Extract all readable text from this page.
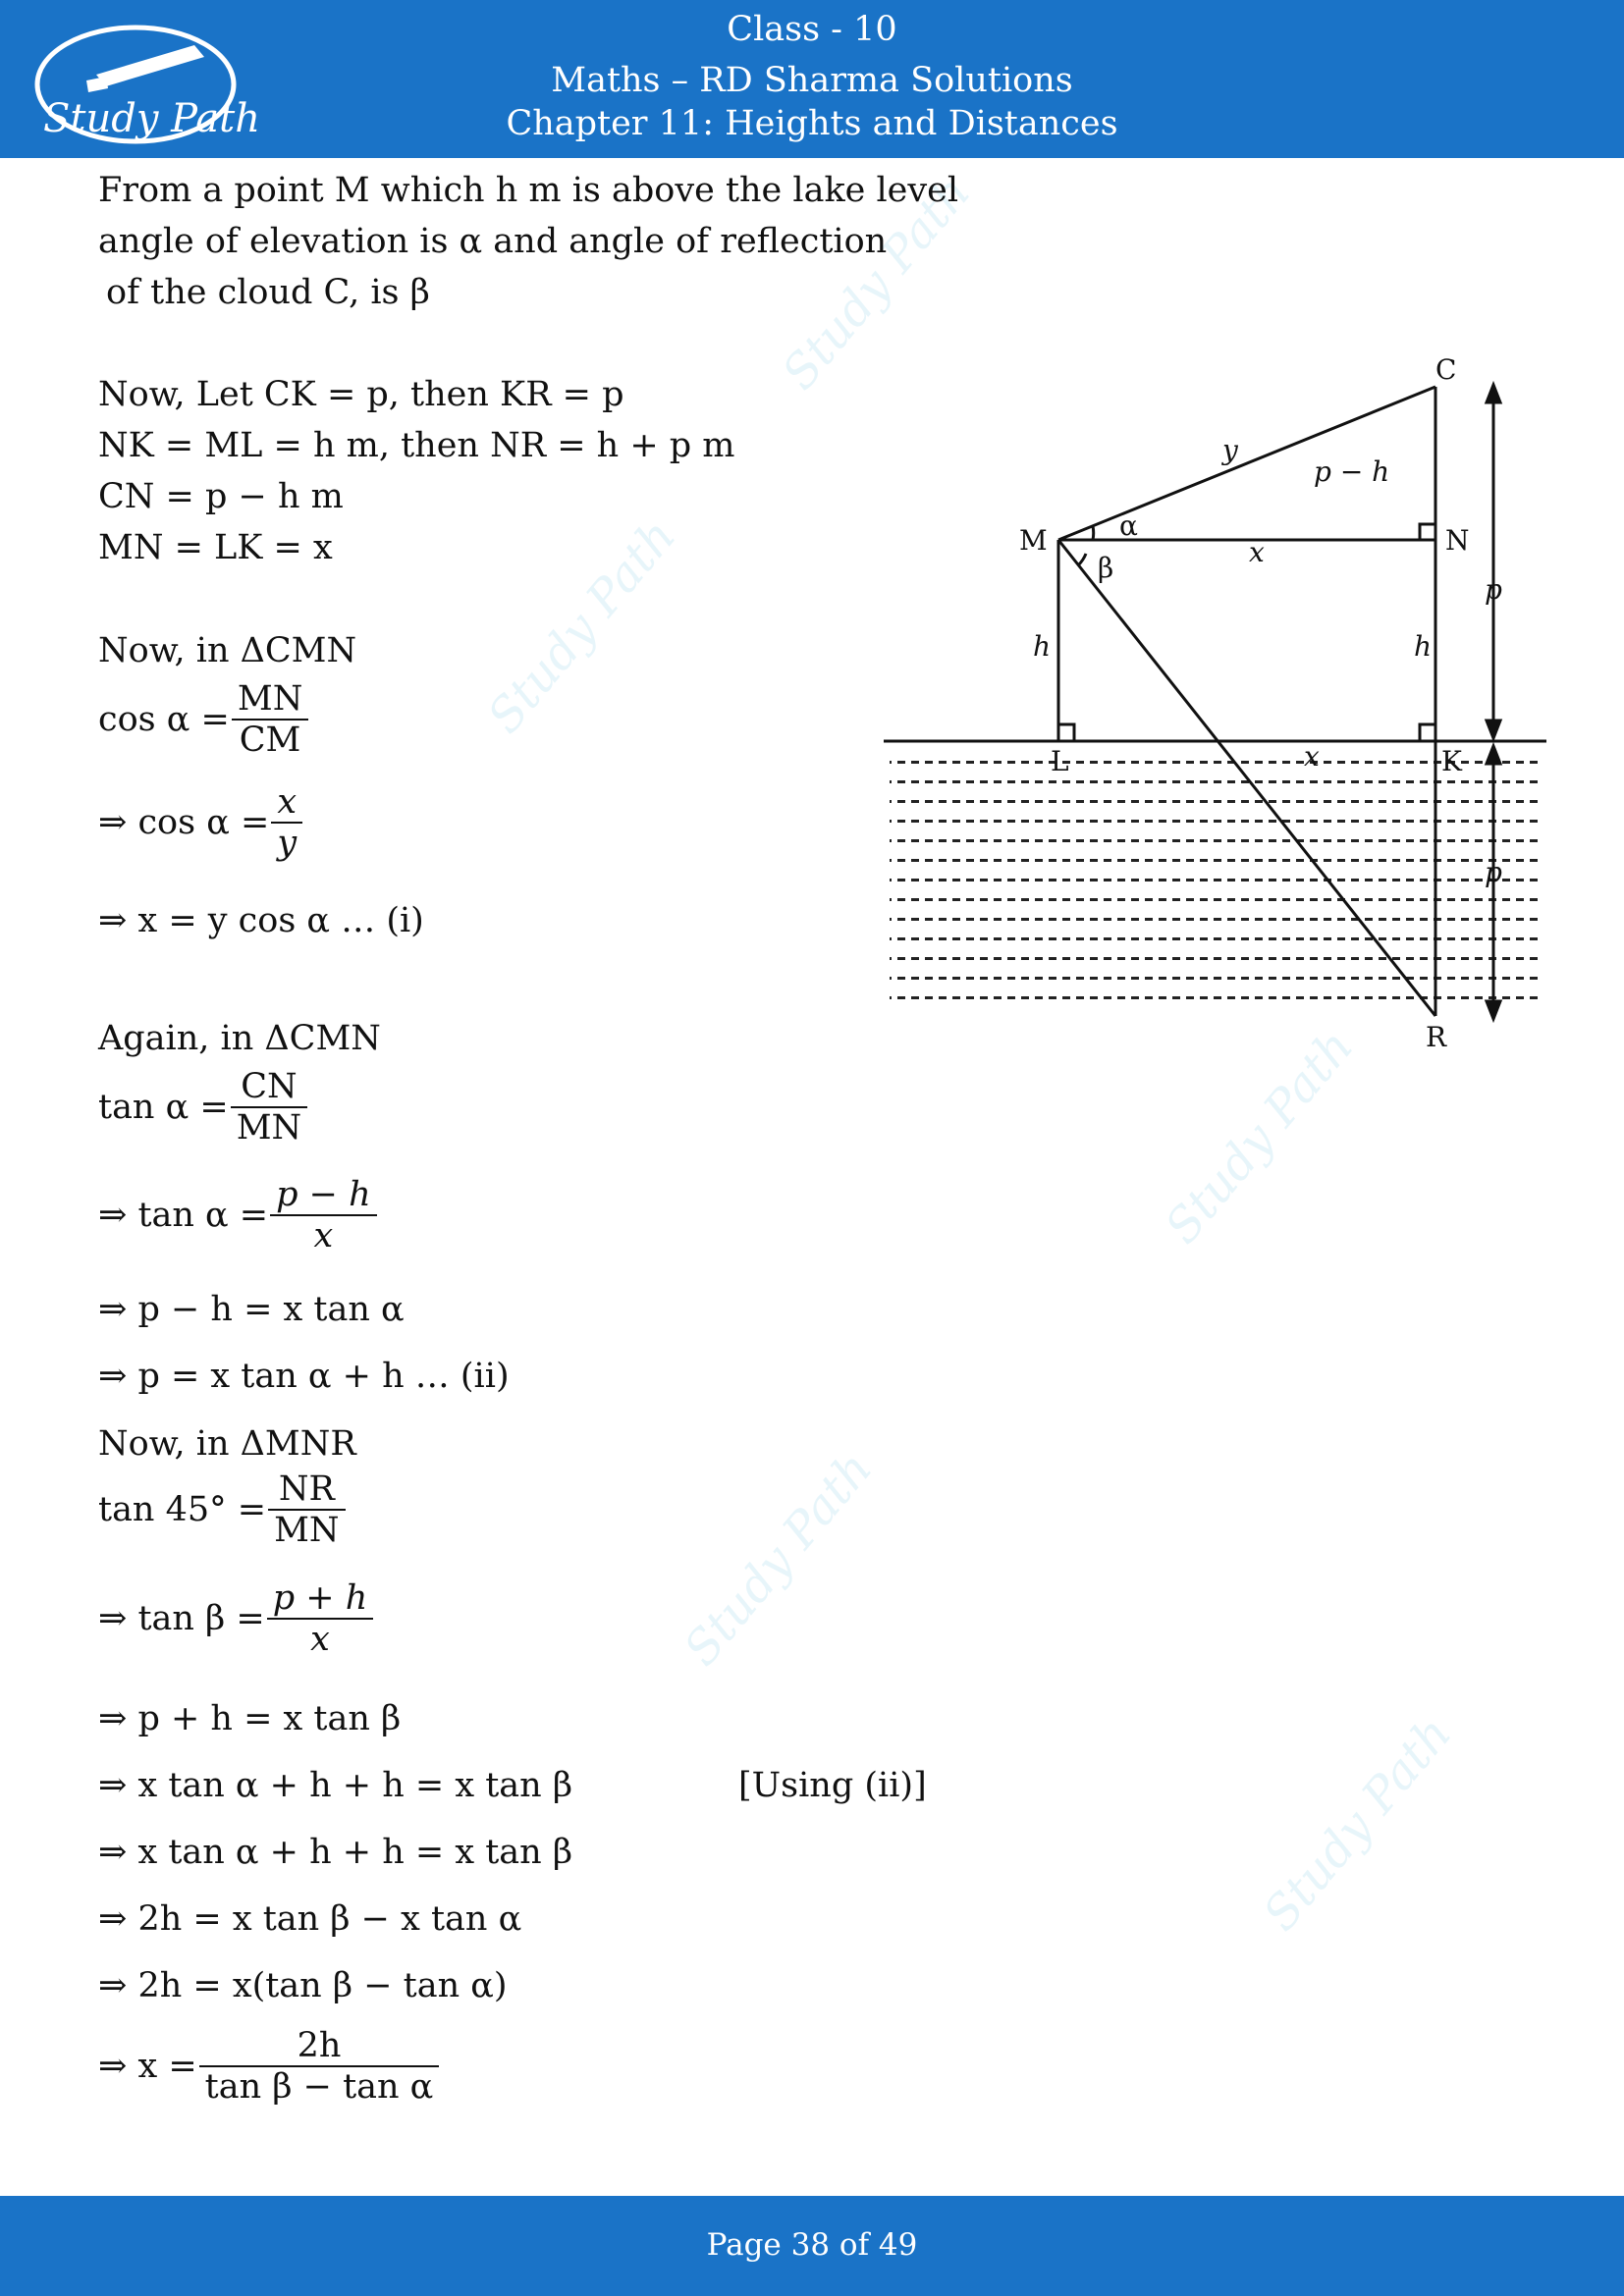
Study Path
Class - 10
Maths – RD Sharma Solutions
Chapter 11: Heights and Distances
Study Path
Study Path
Study Path
Study Path
Study Path
From a point M which h m is above the lake level
angle of elevation is α and angle of reflection
of the cloud C, is β
Now, Let CK = p, then KR = p
NK = ML = h m, then NR = h + p m
CN = p − h m
MN = LK = x
Now, in ΔCMN
$\cos \alpha = \frac{MN}{CM}$
⇒ $\cos \alpha = \frac{x}{y}$
⇒ x = y cos α … (i)
Again, in ΔCMN
$\tan \alpha = \frac{CN}{MN}$
⇒ $\tan \alpha = \frac{p - h}{x}$
⇒ p − h = x tan α
⇒ p = x tan α + h … (ii)
Now, in ΔMNR
$\tan 45^\circ = \frac{NR}{MN}$
⇒ $\tan \beta = \frac{p + h}{x}$
⇒ p + h = x tan β
⇒ x tan α + h + h = x tan β	[Using (ii)]
⇒ x tan α + h + h = x tan β
⇒ 2h = x tan β − x tan α
⇒ 2h = x(tan β − tan α)
⇒ $x = \frac{2h}{\text{tan β − tan α}}$
C
M	N
L	K
R
y
p − h
α
β	x
x
h	h
p
p
Page 38 of 49
